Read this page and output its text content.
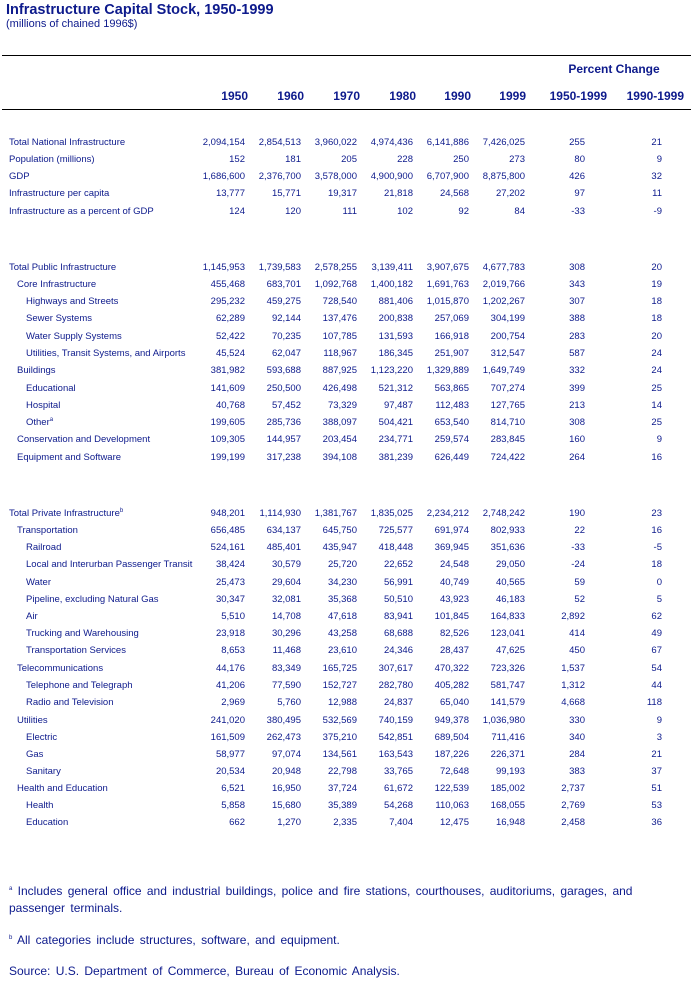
Infrastructure Capital Stock, 1950-1999
(millions of chained 1996$)
Percent Change
1950	1960	1970	1980	1990	1999	1950-1999	1990-1999
Total National Infrastructure	2,094,154	2,854,513	3,960,022	4,974,436	6,141,886	7,426,025	255	21
Population (millions)	152	181	205	228	250	273	80	9
GDP	1,686,600	2,376,700	3,578,000	4,900,900	6,707,900	8,875,800	426	32
Infrastructure per capita	13,777	15,771	19,317	21,818	24,568	27,202	97	11
Infrastructure as a percent of GDP	124	120	111	102	92	84	-33	-9
Total Public Infrastructure	1,145,953	1,739,583	2,578,255	3,139,411	3,907,675	4,677,783	308	20
Core Infrastructure	455,468	683,701	1,092,768	1,400,182	1,691,763	2,019,766	343	19
Highways and Streets	295,232	459,275	728,540	881,406	1,015,870	1,202,267	307	18
Sewer Systems	62,289	92,144	137,476	200,838	257,069	304,199	388	18
Water Supply Systems	52,422	70,235	107,785	131,593	166,918	200,754	283	20
Utilities, Transit Systems, and Airports	45,524	62,047	118,967	186,345	251,907	312,547	587	24
Buildings	381,982	593,688	887,925	1,123,220	1,329,889	1,649,749	332	24
Educational	141,609	250,500	426,498	521,312	563,865	707,274	399	25
Hospital	40,768	57,452	73,329	97,487	112,483	127,765	213	14
Other$^a$	199,605	285,736	388,097	504,421	653,540	814,710	308	25
Conservation and Development	109,305	144,957	203,454	234,771	259,574	283,845	160	9
Equipment and Software	199,199	317,238	394,108	381,239	626,449	724,422	264	16
Total Private Infrastructure$^b$	948,201	1,114,930	1,381,767	1,835,025	2,234,212	2,748,242	190	23
Transportation	656,485	634,137	645,750	725,577	691,974	802,933	22	16
Railroad	524,161	485,401	435,947	418,448	369,945	351,636	-33	-5
Local and Interurban Passenger Transit	38,424	30,579	25,720	22,652	24,548	29,050	-24	18
Water	25,473	29,604	34,230	56,991	40,749	40,565	59	0
Pipeline, excluding Natural Gas	30,347	32,081	35,368	50,510	43,923	46,183	52	5
Air	5,510	14,708	47,618	83,941	101,845	164,833	2,892	62
Trucking and Warehousing	23,918	30,296	43,258	68,688	82,526	123,041	414	49
Transportation Services	8,653	11,468	23,610	24,346	28,437	47,625	450	67
Telecommunications	44,176	83,349	165,725	307,617	470,322	723,326	1,537	54
Telephone and Telegraph	41,206	77,590	152,727	282,780	405,282	581,747	1,312	44
Radio and Television	2,969	5,760	12,988	24,837	65,040	141,579	4,668	118
Utilities	241,020	380,495	532,569	740,159	949,378	1,036,980	330	9
Electric	161,509	262,473	375,210	542,851	689,504	711,416	340	3
Gas	58,977	97,074	134,561	163,543	187,226	226,371	284	21
Sanitary	20,534	20,948	22,798	33,765	72,648	99,193	383	37
Health and Education	6,521	16,950	37,724	61,672	122,539	185,002	2,737	51
Health	5,858	15,680	35,389	54,268	110,063	168,055	2,769	53
Education	662	1,270	2,335	7,404	12,475	16,948	2,458	36
$^a$ Includes general office and industrial buildings, police and fire stations, courthouses, auditoriums, garages, and passenger terminals.
$^b$ All categories include structures, software, and equipment.
Source: U.S. Department of Commerce, Bureau of Economic Analysis.
